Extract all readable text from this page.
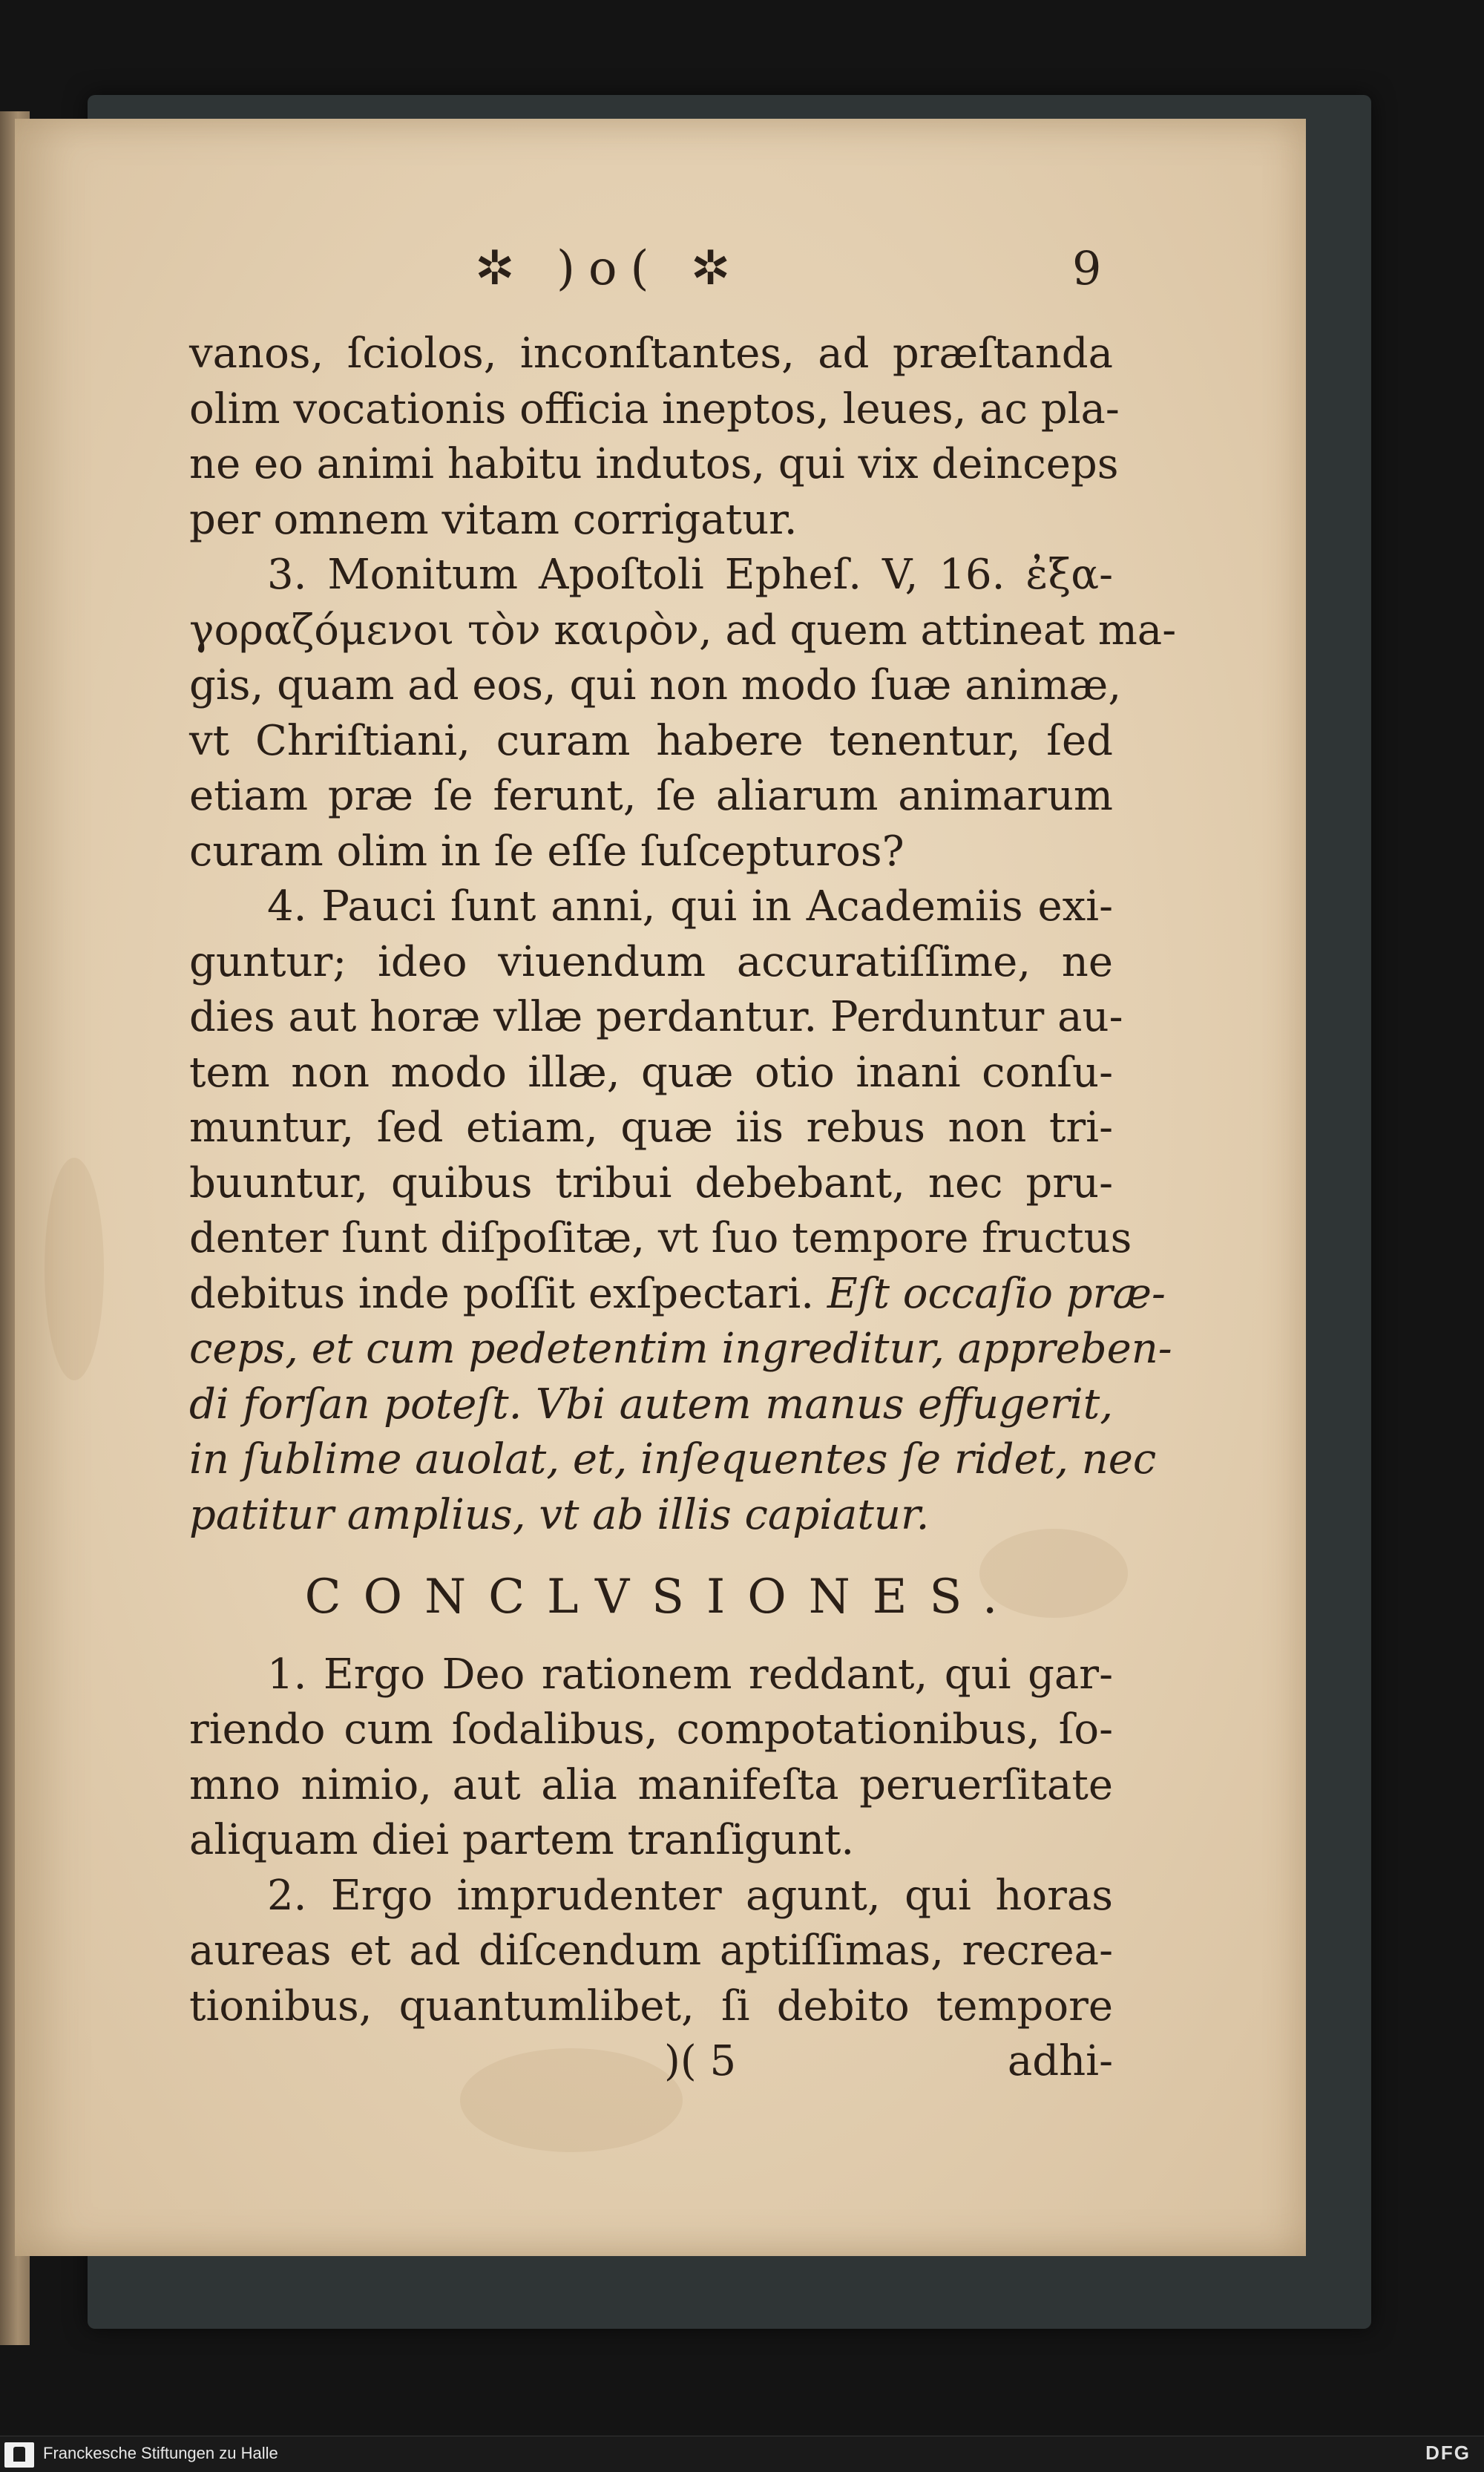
✲ )o( ✲	9
vanos, ſciolos, inconſtantes, ad præſtanda
olim vocationis officia ineptos, leues, ac pla-
ne eo animi habitu indutos, qui vix deinceps
per omnem vitam corrigatur.
3. Monitum Apoſtoli Epheſ. V, 16. ἐξα-
γοραζόμενοι τὸν καιρὸν, ad quem attineat ma-
gis, quam ad eos, qui non modo ſuæ animæ,
vt Chriſtiani, curam habere tenentur, ſed
etiam præ ſe ferunt, ſe aliarum animarum
curam olim in ſe eſſe ſuſcepturos?
4. Pauci ſunt anni, qui in Academiis exi-
guntur; ideo viuendum accuratiſſime, ne
dies aut horæ vllæ perdantur. Perduntur au-
tem non modo illæ, quæ otio inani conſu-
muntur, ſed etiam, quæ iis rebus non tri-
buuntur, quibus tribui debebant, nec pru-
denter ſunt diſpoſitæ, vt ſuo tempore fructus
debitus inde poſſit exſpectari. Eſt occaſio præ-
ceps, et cum pedetentim ingreditur, appreben-
di forſan poteſt. Vbi autem manus effugerit,
in ſublime auolat, et, inſequentes ſe ridet, nec
patitur amplius, vt ab illis capiatur.
CONCLVSIONES.
1. Ergo Deo rationem reddant, qui gar-
riendo cum ſodalibus, compotationibus, ſo-
mno nimio, aut alia manifeſta peruerſitate
aliquam diei partem tranſigunt.
2. Ergo imprudenter agunt, qui horas
aureas et ad diſcendum aptiſſimas, recrea-
tionibus, quantumlibet, ſi debito tempore
)( 5	adhi-
Franckesche Stiftungen zu Halle	DFG
